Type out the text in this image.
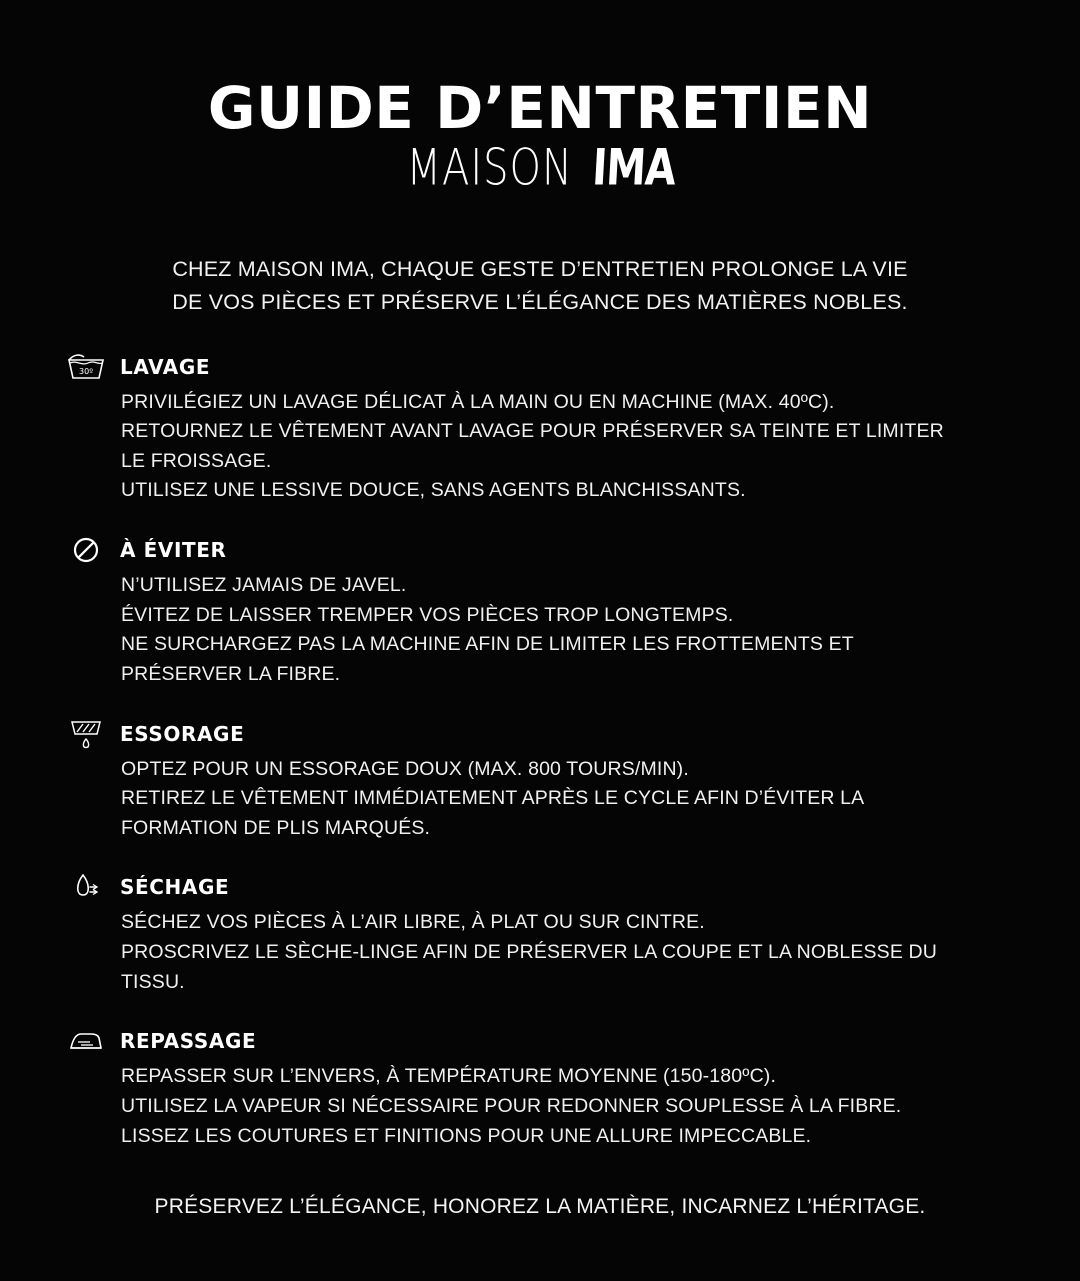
GUIDE D’ENTRETIEN
MAISON IMA
CHEZ MAISON IMA, CHAQUE GESTE D’ENTRETIEN PROLONGE LA VIE
DE VOS PIÈCES ET PRÉSERVE L’ÉLÉGANCE DES MATIÈRES NOBLES.
30º LAVAGE
PRIVILÉGIEZ UN LAVAGE DÉLICAT À LA MAIN OU EN MACHINE (MAX. 40ºC).
RETOURNEZ LE VÊTEMENT AVANT LAVAGE POUR PRÉSERVER SA TEINTE ET LIMITER LE FROISSAGE.
UTILISEZ UNE LESSIVE DOUCE, SANS AGENTS BLANCHISSANTS.
À ÉVITER
N’UTILISEZ JAMAIS DE JAVEL.
ÉVITEZ DE LAISSER TREMPER VOS PIÈCES TROP LONGTEMPS.
NE SURCHARGEZ PAS LA MACHINE AFIN DE LIMITER LES FROTTEMENTS ET PRÉSERVER LA FIBRE.
ESSORAGE
OPTEZ POUR UN ESSORAGE DOUX (MAX. 800 TOURS/MIN).
RETIREZ LE VÊTEMENT IMMÉDIATEMENT APRÈS LE CYCLE AFIN D’ÉVITER LA FORMATION DE PLIS MARQUÉS.
SÉCHAGE
SÉCHEZ VOS PIÈCES À L’AIR LIBRE, À PLAT OU SUR CINTRE.
PROSCRIVEZ LE SÈCHE-LINGE AFIN DE PRÉSERVER LA COUPE ET LA NOBLESSE DU TISSU.
REPASSAGE
REPASSER SUR L’ENVERS, À TEMPÉRATURE MOYENNE (150-180ºC).
UTILISEZ LA VAPEUR SI NÉCESSAIRE POUR REDONNER SOUPLESSE À LA FIBRE.
LISSEZ LES COUTURES ET FINITIONS POUR UNE ALLURE IMPECCABLE.
PRÉSERVEZ L’ÉLÉGANCE, HONOREZ LA MATIÈRE, INCARNEZ L’HÉRITAGE.
